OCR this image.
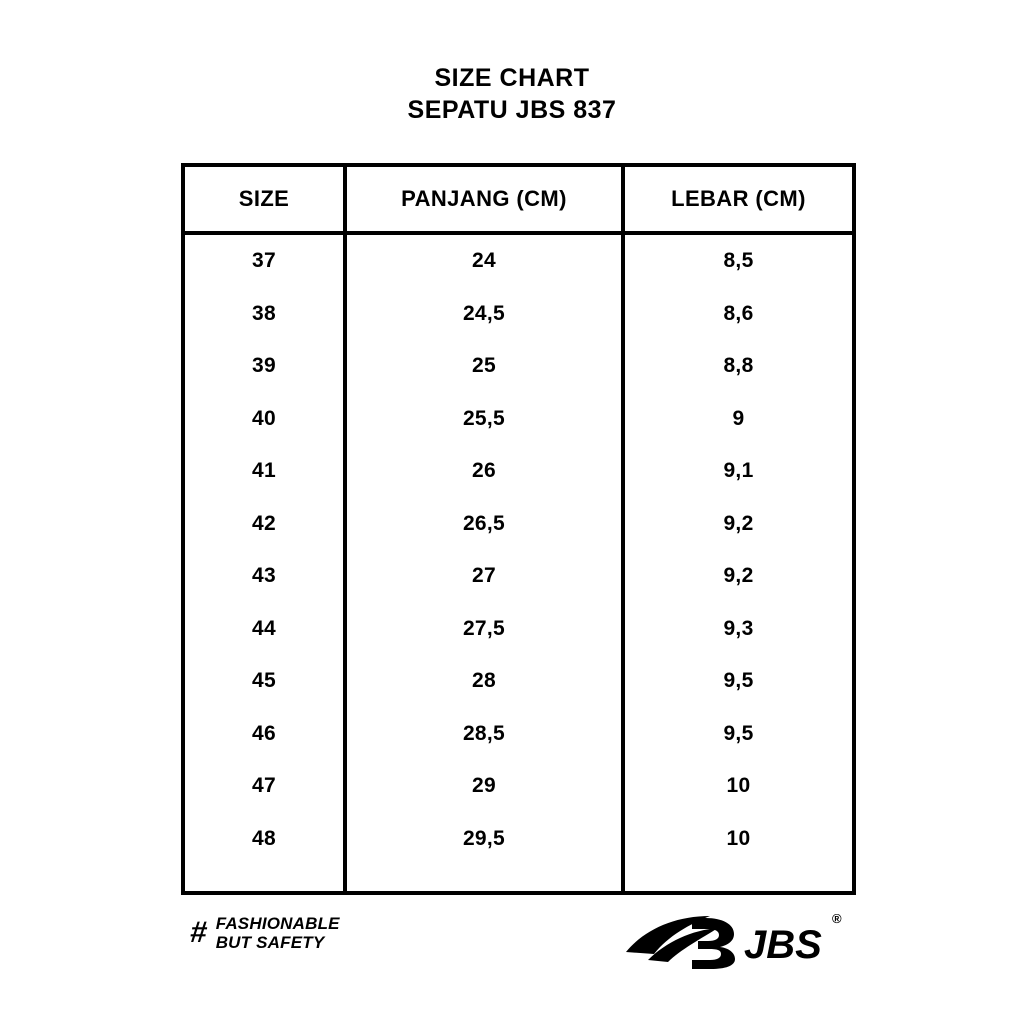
SIZE CHART
SEPATU JBS 837
SIZE	PANJANG (CM)	LEBAR (CM)
37	24	8,5
38	24,5	8,6
39	25	8,8
40	25,5	9
41	26	9,1
42	26,5	9,2
43	27	9,2
44	27,5	9,3
45	28	9,5
46	28,5	9,5
47	29	10
48	29,5	10

# FASHIONABLE
BUT SAFETY	JBS
®
